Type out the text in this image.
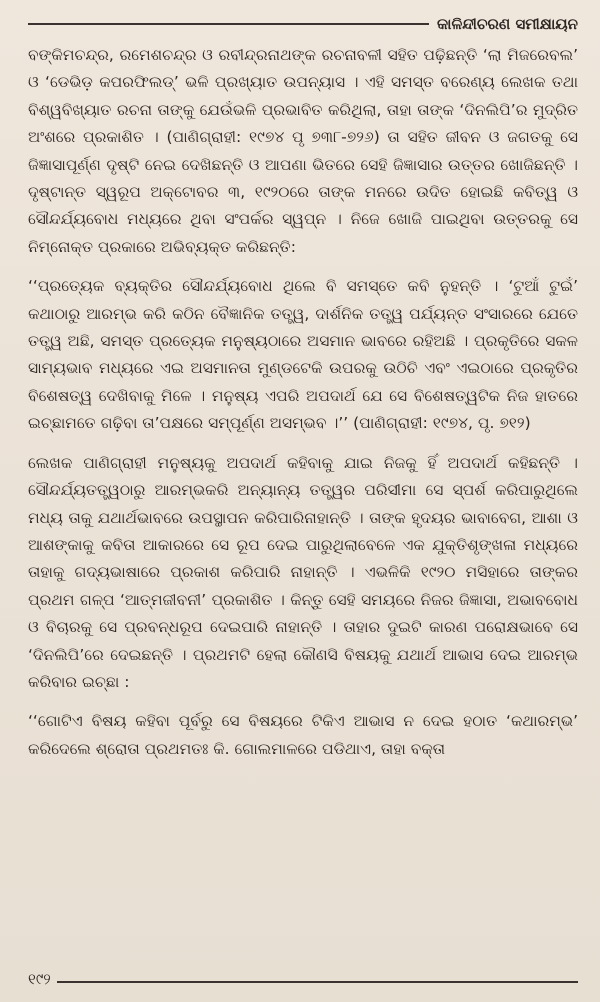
କାଳିନ୍ଦୀଚରଣ ସମୀକ୍ଷାୟନ

ବଙ୍କିମଚନ୍ଦ୍ର, ରମେଶଚନ୍ଦ୍ର ଓ ରବୀନ୍ଦ୍ରନାଥଙ୍କ ରଚନାବଳୀ ସହିତ ପଢ଼ିଛନ୍ତି ‘ଲା ମିଜରେବଲ’ ଓ ‘ଡେଭିଡ଼ କପରଫିଲଡ୍’ ଭଳି ପ୍ରଖ୍ୟାତ ଉପନ୍ୟାସ । ଏହି ସମସ୍ତ ବରେଣ୍ୟ ଲେଖକ ତଥା ବିଶ୍ୱବିଖ୍ୟାତ ରଚନା ତାଙ୍କୁ ଯେଉଁଭଳି ପ୍ରଭାବିତ କରିଥିଲା, ତାହା ତାଙ୍କ ‘ଦିନଲିପି’ର ମୁଦ୍ରିତ ଅଂଶରେ ପ୍ରକାଶିତ । (ପାଣିଗ୍ରାହୀ: ୧୯୭୪ ପୃ ୭୩୮-୭୨୬) ତା ସହିତ ଜୀବନ ଓ ଜଗତକୁ ସେ ଜିଜ୍ଞାସାପୂର୍ଣ୍ଣ ଦୃଷ୍ଟି ନେଇ ଦେଖିଛନ୍ତି ଓ ଆପଣା ଭିତରେ ସେହି ଜିଜ୍ଞାସାର ଉତ୍ତର ଖୋଜିଛନ୍ତି । ଦୃଷ୍ଟାନ୍ତ ସ୍ୱରୂପ ଅକ୍ଟୋବର ୩, ୧୯୨୦ରେ ତାଙ୍କ ମନରେ ଉଦିତ ହୋଇଛି କବିତ୍ୱ ଓ ସୌନ୍ଦର୍ଯ୍ୟବୋଧ ମଧ୍ୟରେ ଥିବା ସଂପର୍କର ସ୍ୱପ୍ନ । ନିଜେ ଖୋଜି ପାଇଥିବା ଉତ୍ତରକୁ ସେ ନିମ୍ନୋକ୍ତ ପ୍ରକାରେ ଅଭିବ୍ୟକ୍ତ କରିଛନ୍ତି:

‘‘ପ୍ରତ୍ୟେକ ବ୍ୟକ୍ତିର ସୌନ୍ଦର୍ଯ୍ୟବୋଧ ଥିଲେ ବି ସମସ୍ତେ କବି ନୁହନ୍ତି । ‘ଟୁଆଁ ଟୁଇଁ’ କଥାଠାରୁ ଆରମ୍ଭ କରି କଠିନ ବୈଜ୍ଞାନିକ ତତ୍ତ୍ୱ, ଦାର୍ଶନିକ ତତ୍ତ୍ୱ ପର୍ଯ୍ୟନ୍ତ ସଂସାରରେ ଯେତେ ତତ୍ତ୍ୱ ଅଛି, ସମସ୍ତ ପ୍ରତ୍ୟେକ ମନୁଷ୍ୟଠାରେ ଅସମାନ ଭାବରେ ରହିଅଛି । ପ୍ରକୃତିରେ ସକଳ ସାମ୍ୟଭାବ ମଧ୍ୟରେ ଏଇ ଅସମାନତା ମୁଣ୍ଡଟେକି ଉପରକୁ ଉଠିଚି ଏବଂ ଏଇଠାରେ ପ୍ରକୃତିର ବିଶେଷତ୍ୱ ଦେଖିବାକୁ ମିଳେ । ମନୁଷ୍ୟ ଏପରି ଅପଦାର୍ଥ ଯେ ସେ ବିଶେଷତ୍ୱଟିକ ନିଜ ହାତରେ ଇଚ୍ଛାମତେ ଗଢ଼ିବା ତା’ପକ୍ଷରେ ସମ୍ପୂର୍ଣ୍ଣ ଅସମ୍ଭବ ।’’ (ପାଣିଗ୍ରାହୀ: ୧୯୭୪, ପୃ. ୭୧୨)

ଲେଖକ ପାଣିଗ୍ରାହୀ ମନୁଷ୍ୟକୁ ଅପଦାର୍ଥ କହିବାକୁ ଯାଇ ନିଜକୁ ହିଁ ଅପଦାର୍ଥ କହିଛନ୍ତି । ସୌନ୍ଦର୍ଯ୍ୟତତ୍ତ୍ୱଠାରୁ ଆରମ୍ଭକରି ଅନ୍ୟାନ୍ୟ ତତ୍ତ୍ୱର ପରିସୀମା ସେ ସ୍ପର୍ଶ କରିପାରୁଥିଲେ ମଧ୍ୟ ତାକୁ ଯଥାର୍ଥଭାବରେ ଉପସ୍ଥାପନ କରିପାରିନାହାନ୍ତି । ତାଙ୍କ ହୃଦୟର ଭାବାବେଗ, ଆଶା ଓ ଆଶଙ୍କାକୁ କବିତା ଆକାରରେ ସେ ରୂପ ଦେଇ ପାରୁଥିଲାବେଳେ ଏକ ଯୁକ୍ତିଶୃଙ୍ଖଳା ମଧ୍ୟରେ ତାହାକୁ ଗଦ୍ୟଭାଷାରେ ପ୍ରକାଶ କରିପାରି ନାହାନ୍ତି । ଏଭଳିକି ୧୯୨୦ ମସିହାରେ ତାଙ୍କର ପ୍ରଥମ ଗଳ୍ପ ‘ଆତ୍ମଜୀବନୀ’ ପ୍ରକାଶିତ । କିନ୍ତୁ ସେହି ସମୟରେ ନିଜର ଜିଜ୍ଞାସା, ଅଭାବବୋଧ ଓ ବିଚାରକୁ ସେ ପ୍ରବନ୍ଧରୂପ ଦେଇପାରି ନାହାନ୍ତି । ତାହାର ଦୁଇଟି କାରଣ ପରୋକ୍ଷଭାବେ ସେ ‘ଦିନଲିପି’ରେ ଦେଇଛନ୍ତି । ପ୍ରଥମଟି ହେଲା କୌଣସି ବିଷୟକୁ ଯଥାର୍ଥ ଆଭାସ ଦେଇ ଆରମ୍ଭ କରିବାର ଇଚ୍ଛା :

‘‘ଗୋଟିଏ ବିଷୟ କହିବା ପୂର୍ବରୁ ସେ ବିଷୟରେ ଟିକିଏ ଆଭାସ ନ ଦେଇ ହଠାତ ‘କଥାରମ୍ଭ’ କରିଦେଲେ ଶ୍ରୋତା ପ୍ରଥମତଃ କି. ଗୋଲମାଳରେ ପଡିଥାଏ, ତାହା ବକ୍ତା

୧୯୨
